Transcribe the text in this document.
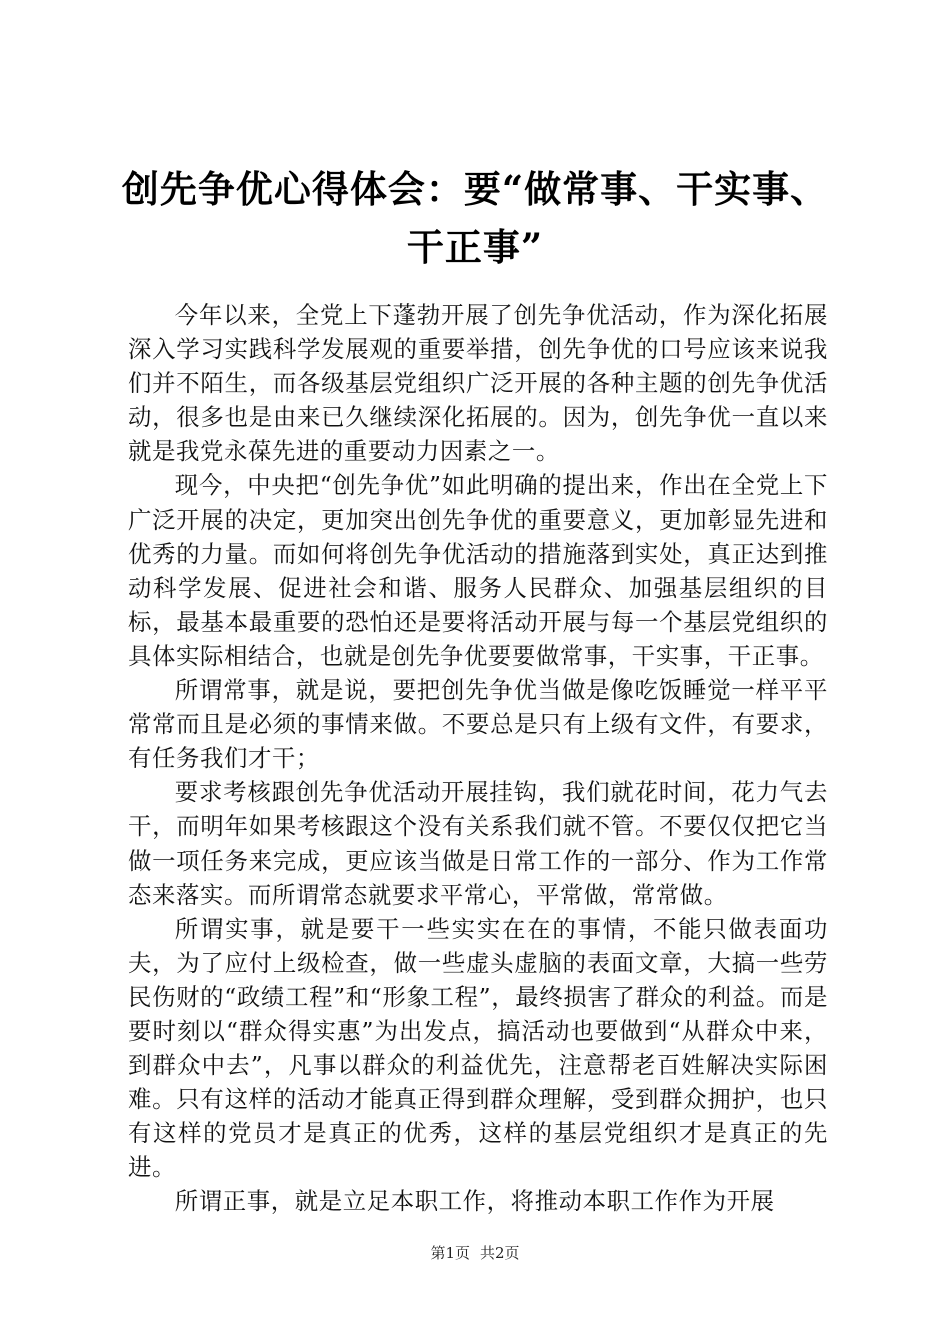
创先争优心得体会：要“做常事、干实事、干正事”

今年以来，全党上下蓬勃开展了创先争优活动，作为深化拓展深入学习实践科学发展观的重要举措，创先争优的口号应该来说我们并不陌生，而各级基层党组织广泛开展的各种主题的创先争优活动，很多也是由来已久继续深化拓展的。因为，创先争优一直以来就是我党永葆先进的重要动力因素之一。

现今，中央把“创先争优”如此明确的提出来，作出在全党上下广泛开展的决定，更加突出创先争优的重要意义，更加彰显先进和优秀的力量。而如何将创先争优活动的措施落到实处，真正达到推动科学发展、促进社会和谐、服务人民群众、加强基层组织的目标，最基本最重要的恐怕还是要将活动开展与每一个基层党组织的具体实际相结合，也就是创先争优要要做常事，干实事，干正事。

所谓常事，就是说，要把创先争优当做是像吃饭睡觉一样平平常常而且是必须的事情来做。不要总是只有上级有文件，有要求，有任务我们才干；

要求考核跟创先争优活动开展挂钩，我们就花时间，花力气去干，而明年如果考核跟这个没有关系我们就不管。不要仅仅把它当做一项任务来完成，更应该当做是日常工作的一部分、作为工作常态来落实。而所谓常态就要求平常心，平常做，常常做。

所谓实事，就是要干一些实实在在的事情，不能只做表面功夫，为了应付上级检查，做一些虚头虚脑的表面文章，大搞一些劳民伤财的“政绩工程”和“形象工程”，最终损害了群众的利益。而是要时刻以“群众得实惠”为出发点，搞活动也要做到“从群众中来，到群众中去”，凡事以群众的利益优先，注意帮老百姓解决实际困难。只有这样的活动才能真正得到群众理解，受到群众拥护，也只有这样的党员才是真正的优秀，这样的基层党组织才是真正的先进。

所谓正事，就是立足本职工作，将推动本职工作作为开展

第1页 共2页
